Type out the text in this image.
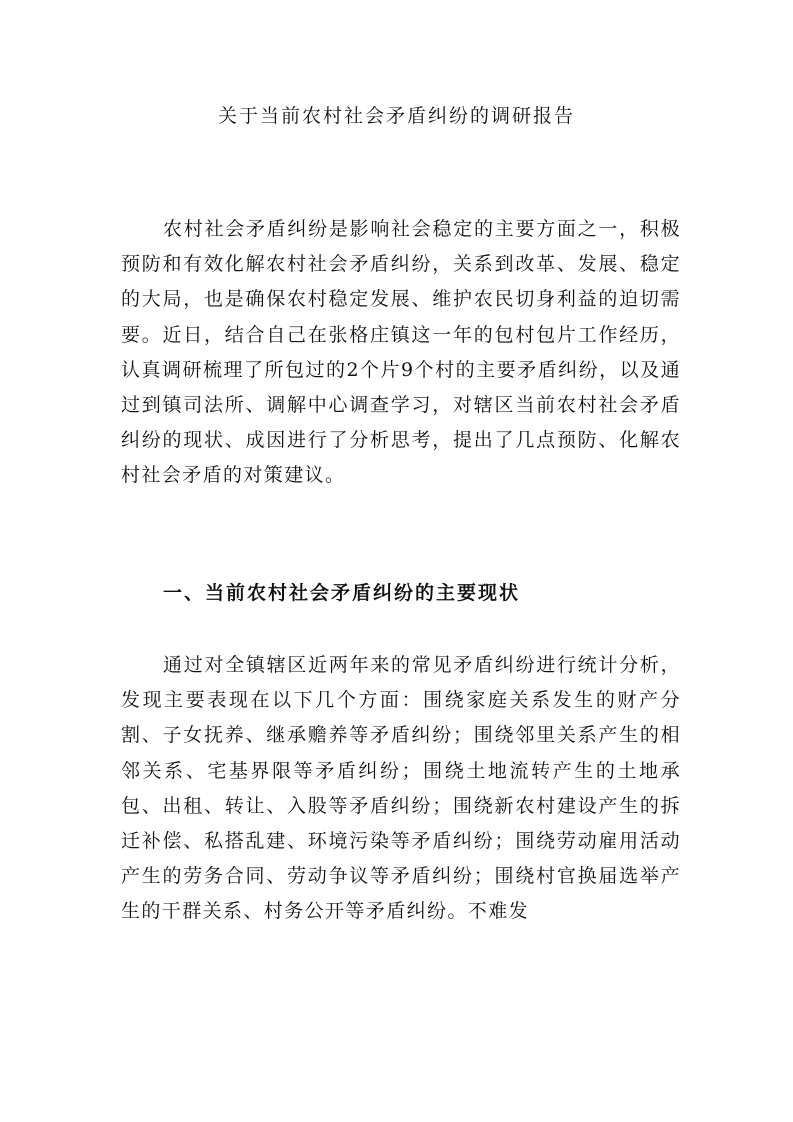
关于当前农村社会矛盾纠纷的调研报告

农村社会矛盾纠纷是影响社会稳定的主要方面之一，积极预防和有效化解农村社会矛盾纠纷，关系到改革、发展、稳定的大局，也是确保农村稳定发展、维护农民切身利益的迫切需要。近日，结合自己在张格庄镇这一年的包村包片工作经历，认真调研梳理了所包过的2个片9个村的主要矛盾纠纷，以及通过到镇司法所、调解中心调查学习，对辖区当前农村社会矛盾纠纷的现状、成因进行了分析思考，提出了几点预防、化解农村社会矛盾的对策建议。

一、当前农村社会矛盾纠纷的主要现状

通过对全镇辖区近两年来的常见矛盾纠纷进行统计分析，发现主要表现在以下几个方面：围绕家庭关系发生的财产分割、子女抚养、继承赡养等矛盾纠纷；围绕邻里关系产生的相邻关系、宅基界限等矛盾纠纷；围绕土地流转产生的土地承包、出租、转让、入股等矛盾纠纷；围绕新农村建设产生的拆迁补偿、私搭乱建、环境污染等矛盾纠纷；围绕劳动雇用活动产生的劳务合同、劳动争议等矛盾纠纷；围绕村官换届选举产生的干群关系、村务公开等矛盾纠纷。不难发
